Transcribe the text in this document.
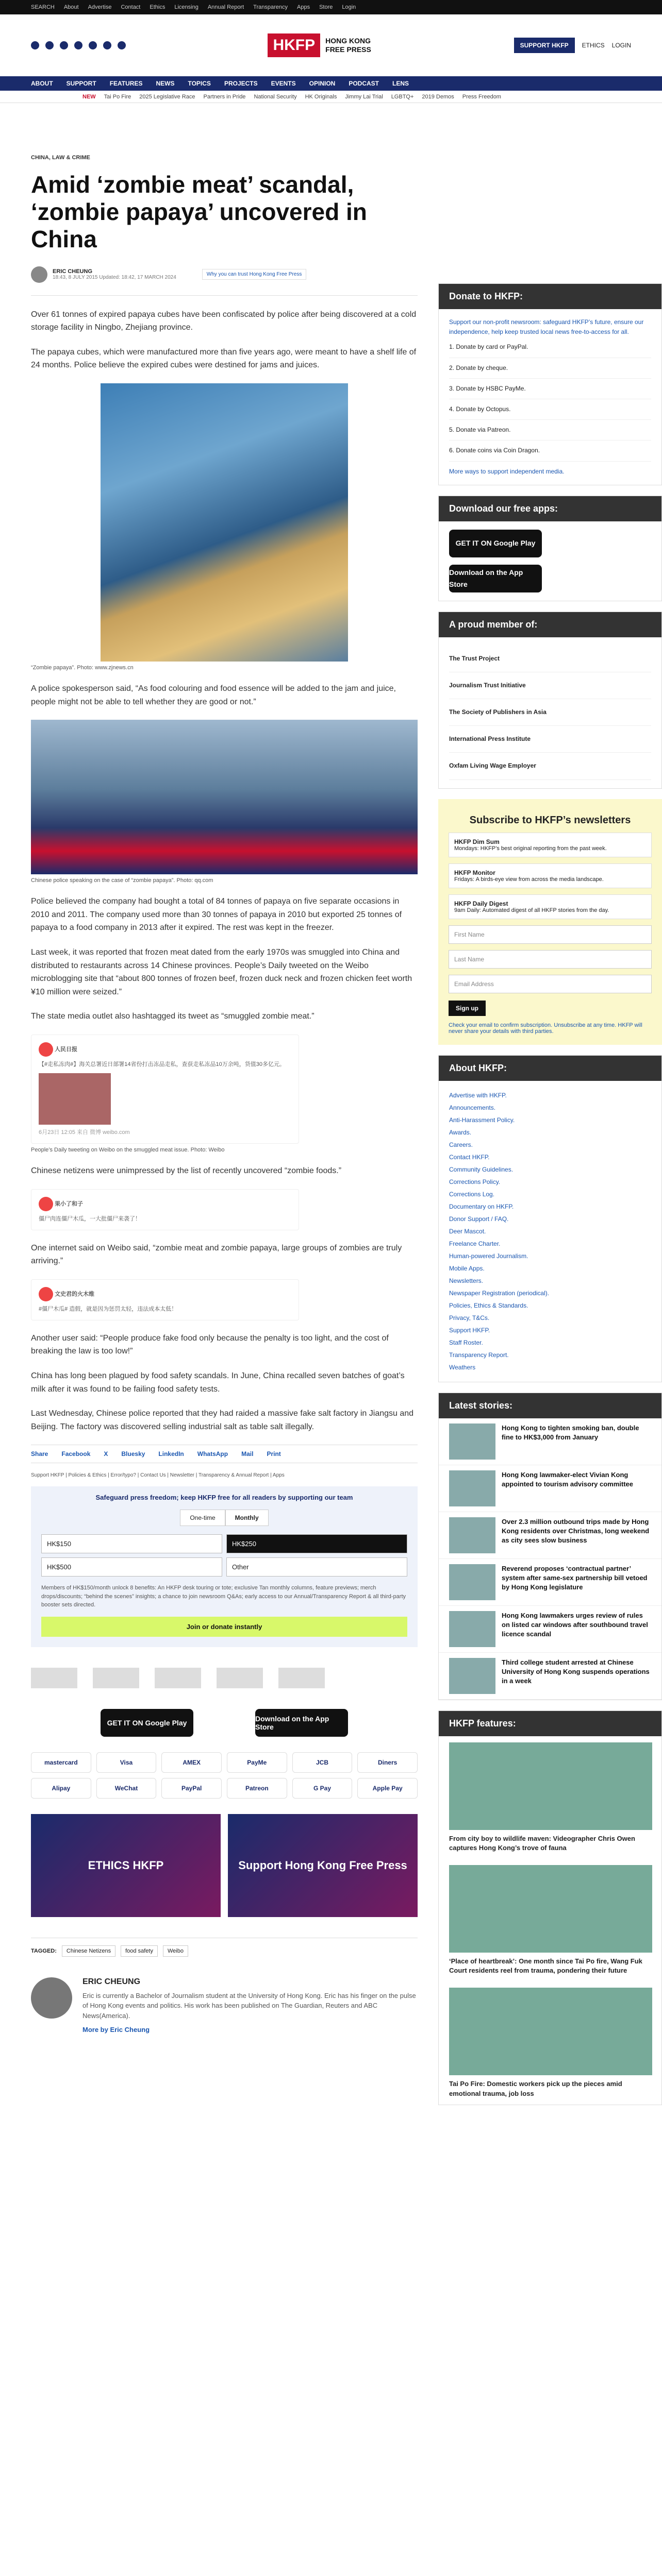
SEARCH About Advertise Contact Ethics Licensing Annual Report Transparency Apps Store Login
HKFP	HONG KONG FREE PRESS	SUPPORT HKFP	ETHICS LOGIN
ABOUT SUPPORT FEATURES NEWS TOPICS PROJECTS EVENTS OPINION PODCAST LENS
NEW Tai Po Fire 2025 Legislative Race Partners in Pride National Security HK Originals Jimmy Lai Trial LGBTQ+ 2019 Demos Press Freedom
CHINA, LAW & CRIME
Amid ‘zombie meat’ scandal, ‘zombie papaya’ uncovered in China
ERIC CHEUNG
18:43, 8 JULY 2015 Updated: 18:42, 17 MARCH 2024
Why you can trust Hong Kong Free Press

Over 61 tonnes of expired papaya cubes have been confiscated by police after being discovered at a cold storage facility in Ningbo, Zhejiang province.

The papaya cubes, which were manufactured more than five years ago, were meant to have a shelf life of 24 months. Police believe the expired cubes were destined for jams and juices.

“Zombie papaya”. Photo: www.zjnews.cn

A police spokesperson said, “As food colouring and food essence will be added to the jam and juice, people might not be able to tell whether they are good or not.”

Chinese police speaking on the case of “zombie papaya”. Photo: qq.com

Police believed the company had bought a total of 84 tonnes of papaya on five separate occasions in 2010 and 2011. The company used more than 30 tonnes of papaya in 2010 but exported 25 tonnes of papaya to a food company in 2013 after it expired. The rest was kept in the freezer.

Last week, it was reported that frozen meat dated from the early 1970s was smuggled into China and distributed to restaurants across 14 Chinese provinces. People’s Daily tweeted on the Weibo microblogging site that “about 800 tonnes of frozen beef, frozen duck neck and frozen chicken feet worth ¥10 million were seized.”

The state media outlet also hashtagged its tweet as “smuggled zombie meat.”

人民日报
【#走私冻肉#】海关总署近日部署14省份打击冻品走私，查获走私冻品10万余吨，货值30多亿元。
6月23日 12:05 来自 微博 weibo.com
People’s Daily tweeting on Weibo on the smuggled meat issue. Photo: Weibo

Chinese netizens were unimpressed by the list of recently uncovered “zombie foods.”

果小了和子
僵尸肉连僵尸木瓜，一大批僵尸来袭了！

One internet said on Weibo said, “zombie meat and zombie papaya, large groups of zombies are truly arriving.”

文史君的火木维
#僵尸木瓜# 造假，就是因为惩罚太轻，违法成本太低！

Another user said: “People produce fake food only because the penalty is too light, and the cost of breaking the law is too low!”

China has long been plagued by food safety scandals. In June, China recalled seven batches of goat’s milk after it was found to be failing food safety tests.

Last Wednesday, Chinese police reported that they had raided a massive fake salt factory in Jiangsu and Beijing. The factory was discovered selling industrial salt as table salt illegally.

Share Facebook X Bluesky LinkedIn WhatsApp Mail Print
Support HKFP | Policies & Ethics | Error/typo? | Contact Us | Newsletter | Transparency & Annual Report | Apps
Safeguard press freedom; keep HKFP free for all readers by supporting our team
One-time	Monthly
HK$150	HK$250
HK$500	Other
Members of HK$150/month unlock 8 benefits: An HKFP desk touring or tote; exclusive Tan monthly columns, feature previews; merch drops/discounts; “behind the scenes” insights; a chance to join newsroom Q&As; early access to our Annual/Transparency Report & all third-party booster sets directed.
Join or donate instantly
GET IT ON Google Play	Download on the App Store
mastercard	Visa	AMEX	PayMe	JCB	Diners
Alipay	WeChat	PayPal	Patreon	G Pay	Apple Pay
ETHICS HKFP	Support Hong Kong Free Press
TAGGED:	Chinese Netizens	food safety	Weibo
ERIC CHEUNG

Eric is currently a Bachelor of Journalism student at the University of Hong Kong. Eric has his finger on the pulse of Hong Kong events and politics. His work has been published on The Guardian, Reuters and ABC News(America).

More by Eric Cheung

Donate to HKFP:
Support our non-profit newsroom: safeguard HKFP’s future, ensure our independence, help keep trusted local news free-to-access for all.
1. Donate by card or PayPal.
2. Donate by cheque.
3. Donate by HSBC PayMe.
4. Donate by Octopus.
5. Donate via Patreon.
6. Donate coins via Coin Dragon.
More ways to support independent media.
Download our free apps:
GET IT ON Google Play
Download on the App Store
A proud member of:
The Trust Project
Journalism Trust Initiative
The Society of Publishers in Asia
International Press Institute
Oxfam Living Wage Employer
Subscribe to HKFP’s newsletters
HKFP Dim Sum
Mondays: HKFP’s best original reporting from the past week.
HKFP Monitor
Fridays: A birds-eye view from across the media landscape.
HKFP Daily Digest
9am Daily: Automated digest of all HKFP stories from the day.
First Name
Last Name
Email Address
Sign up
Check your email to confirm subscription. Unsubscribe at any time. HKFP will never share your details with third parties.
About HKFP:
Advertise with HKFP.
Announcements.
Anti-Harassment Policy.
Awards.
Careers.
Contact HKFP.
Community Guidelines.
Corrections Policy.
Corrections Log.
Documentary on HKFP.
Donor Support / FAQ.
Deer Mascot.
Freelance Charter.
Human-powered Journalism.
Mobile Apps.
Newsletters.
Newspaper Registration (periodical).
Policies, Ethics & Standards.
Privacy, T&Cs.
Support HKFP.
Staff Roster.
Transparency Report.
Weathers
Latest stories:
Hong Kong to tighten smoking ban, double fine to HK$3,000 from January
Hong Kong lawmaker-elect Vivian Kong appointed to tourism advisory committee
Over 2.3 million outbound trips made by Hong Kong residents over Christmas, long weekend as city sees slow business
Reverend proposes ‘contractual partner’ system after same-sex partnership bill vetoed by Hong Kong legislature
Hong Kong lawmakers urges review of rules on listed car windows after southbound travel licence scandal
Third college student arrested at Chinese University of Hong Kong suspends operations in a week
HKFP features:
From city boy to wildlife maven: Videographer Chris Owen captures Hong Kong’s trove of fauna
‘Place of heartbreak’: One month since Tai Po fire, Wang Fuk Court residents reel from trauma, pondering their future
Tai Po Fire: Domestic workers pick up the pieces amid emotional trauma, job loss
